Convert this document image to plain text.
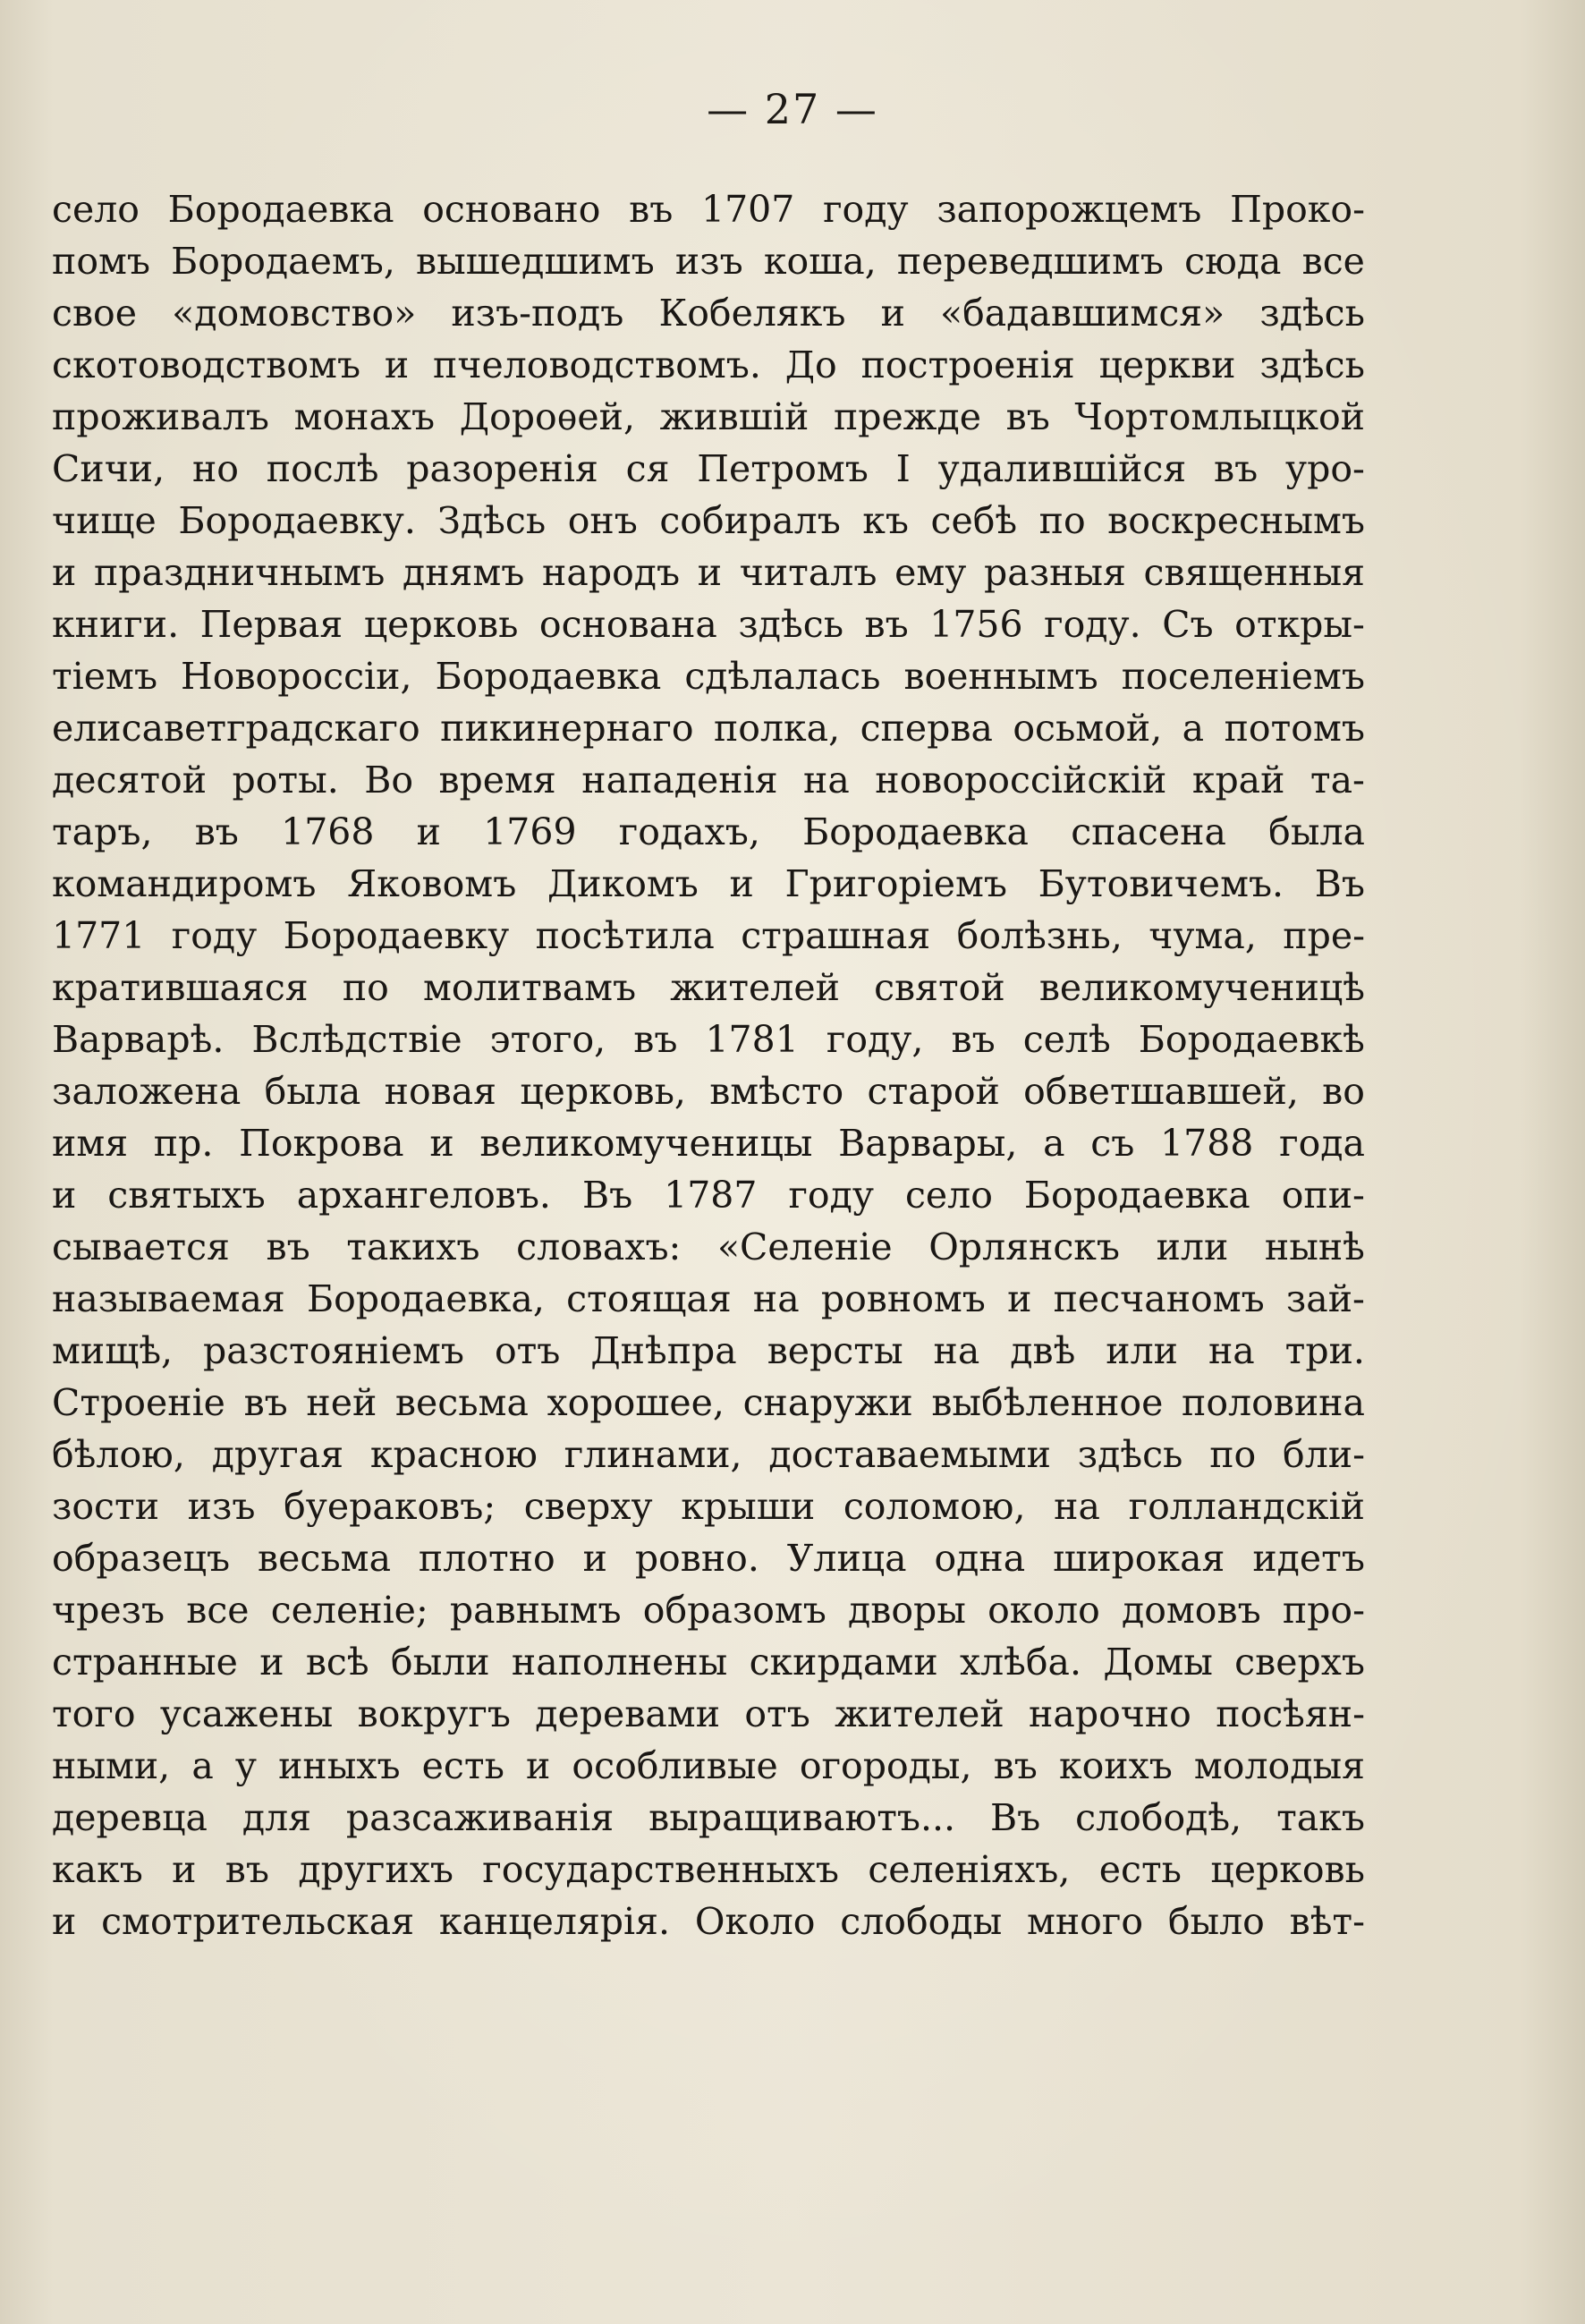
— 27 —
село Бородаевка основано въ 1707 году запорожцемъ Проко-
помъ Бородаемъ, вышедшимъ изъ коша, переведшимъ сюда все
свое «домовство» изъ-подъ Кобелякъ и «бадавшимся» здѣсь
скотоводствомъ и пчеловодствомъ. До построенія церкви здѣсь
проживалъ монахъ Дороѳей, жившій прежде въ Чортомлыцкой
Сичи, но послѣ разоренія ся Петромъ I удалившійся въ уро-
чище Бородаевку. Здѣсь онъ собиралъ къ себѣ по воскреснымъ
и праздничнымъ днямъ народъ и читалъ ему разныя священныя
книги. Первая церковь основана здѣсь въ 1756 году. Съ откры-
тіемъ Новороссіи, Бородаевка сдѣлалась военнымъ поселеніемъ
елисаветградскаго пикинернаго полка, сперва осьмой, а потомъ
десятой роты. Во время нападенія на новороссійскій край та-
таръ, въ 1768 и 1769 годахъ, Бородаевка спасена была
командиромъ Яковомъ Дикомъ и Григоріемъ Бутовичемъ. Въ
1771 году Бородаевку посѣтила страшная болѣзнь, чума, пре-
кратившаяся по молитвамъ жителей святой великомученицѣ
Варварѣ. Вслѣдствіе этого, въ 1781 году, въ селѣ Бородаевкѣ
заложена была новая церковь, вмѣсто старой обветшавшей, во
имя пр. Покрова и великомученицы Варвары, а съ 1788 года
и святыхъ архангеловъ. Въ 1787 году село Бородаевка опи-
сывается въ такихъ словахъ: «Селеніе Орлянскъ или нынѣ
называемая Бородаевка, стоящая на ровномъ и песчаномъ зай-
мищѣ, разстояніемъ отъ Днѣпра версты на двѣ или на три.
Строеніе въ ней весьма хорошее, снаружи выбѣленное половина
бѣлою, другая красною глинами, доставаемыми здѣсь по бли-
зости изъ буераковъ; сверху крыши соломою, на голландскій
образецъ весьма плотно и ровно. Улица одна широкая идетъ
чрезъ все селеніе; равнымъ образомъ дворы около домовъ про-
странные и всѣ были наполнены скирдами хлѣба. Домы сверхъ
того усажены вокругъ деревами отъ жителей нарочно посѣян-
ными, а у иныхъ есть и особливые огороды, въ коихъ молодыя
деревца для разсаживанія выращиваютъ... Въ слободѣ, такъ
какъ и въ другихъ государственныхъ селеніяхъ, есть церковь
и смотрительская канцелярія. Около слободы много было вѣт-
